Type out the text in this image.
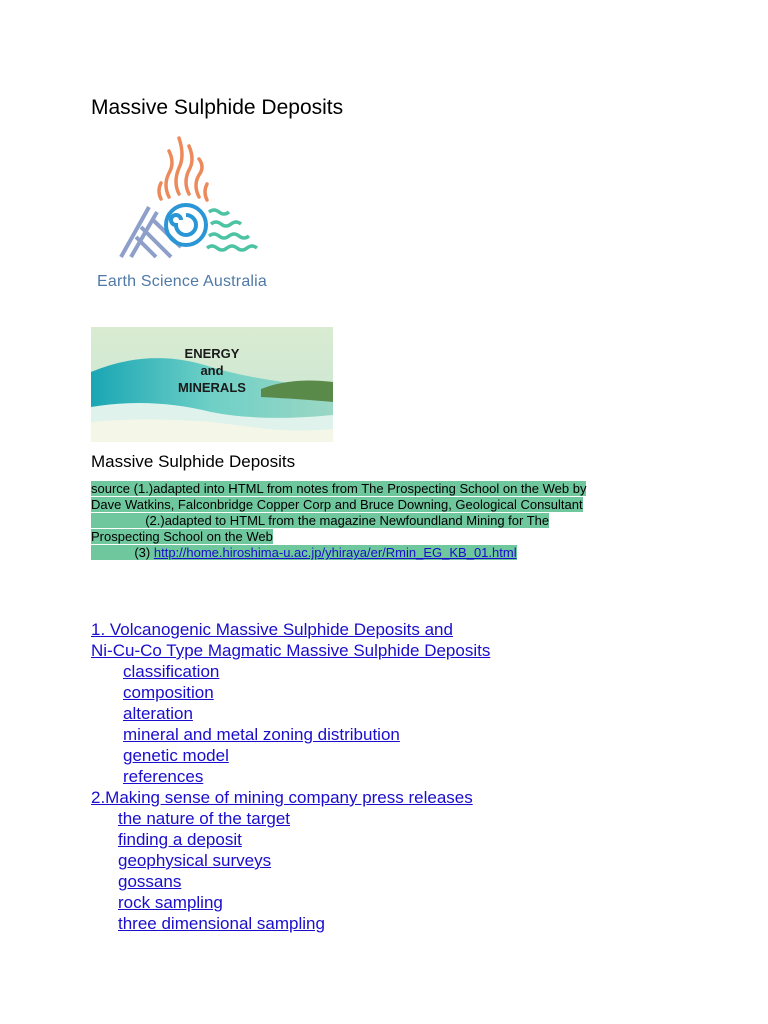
Massive Sulphide Deposits
Earth Science Australia
ENERGY
and
MINERALS
Massive Sulphide Deposits
source (1.)adapted into HTML from notes from The Prospecting School on the Web by
Dave Watkins, Falconbridge Copper Corp and Bruce Downing, Geological Consultant
(2.)adapted to HTML from the magazine Newfoundland Mining for The
Prospecting School on the Web
(3) http://home.hiroshima-u.ac.jp/yhiraya/er/Rmin_EG_KB_01.html
1. Volcanogenic Massive Sulphide Deposits and
Ni-Cu-Co Type Magmatic Massive Sulphide Deposits
classification
composition
alteration
mineral and metal zoning distribution
genetic model
references
2.Making sense of mining company press releases
the nature of the target
finding a deposit
geophysical surveys
gossans
rock sampling
three dimensional sampling
